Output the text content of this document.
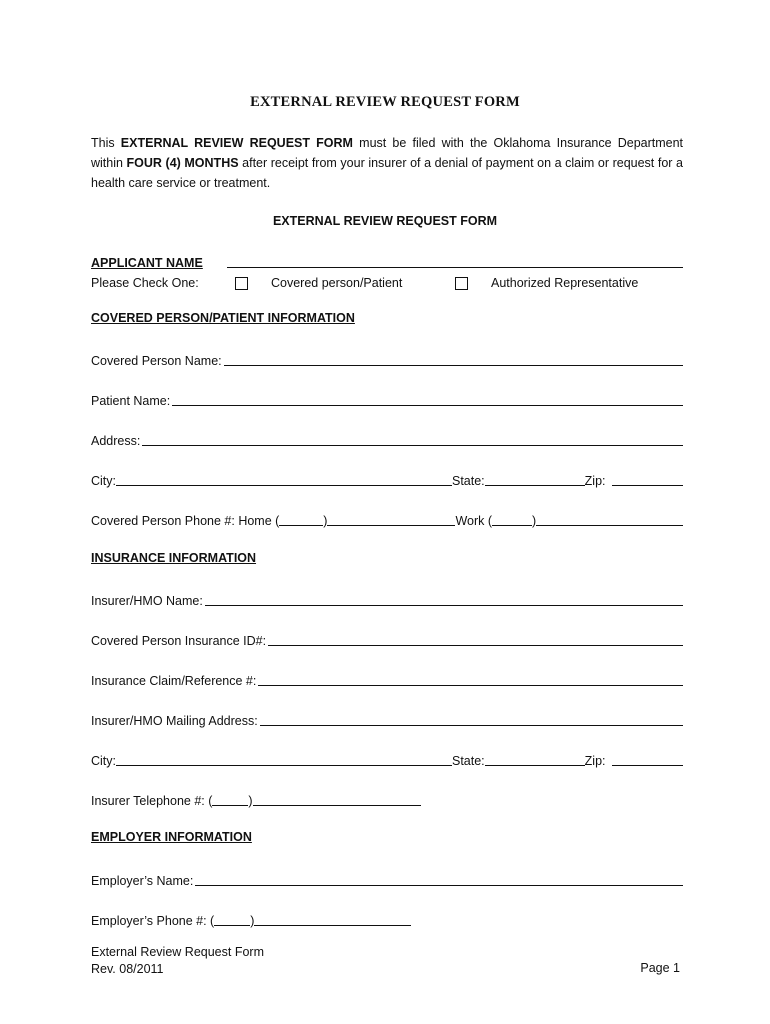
EXTERNAL REVIEW REQUEST FORM
This EXTERNAL REVIEW REQUEST FORM must be filed with the Oklahoma Insurance Department within FOUR (4) MONTHS after receipt from your insurer of a denial of payment on a claim or request for a health care service or treatment.
EXTERNAL REVIEW REQUEST FORM
APPLICANT NAME
Please Check One:	Covered person/Patient	Authorized Representative
COVERED PERSON/PATIENT INFORMATION
Covered Person Name:
Patient Name:
Address:
City:	State:	Zip:
Covered Person Phone #: Home (	)	Work (	)
INSURANCE INFORMATION
Insurer/HMO Name:
Covered Person Insurance ID#:
Insurance Claim/Reference #:
Insurer/HMO Mailing Address:
City:	State:	Zip:
Insurer Telephone #: (	)
EMPLOYER INFORMATION
Employer’s Name:
Employer’s Phone #: (	)
External Review Request Form
Rev. 08/2011	Page 1
